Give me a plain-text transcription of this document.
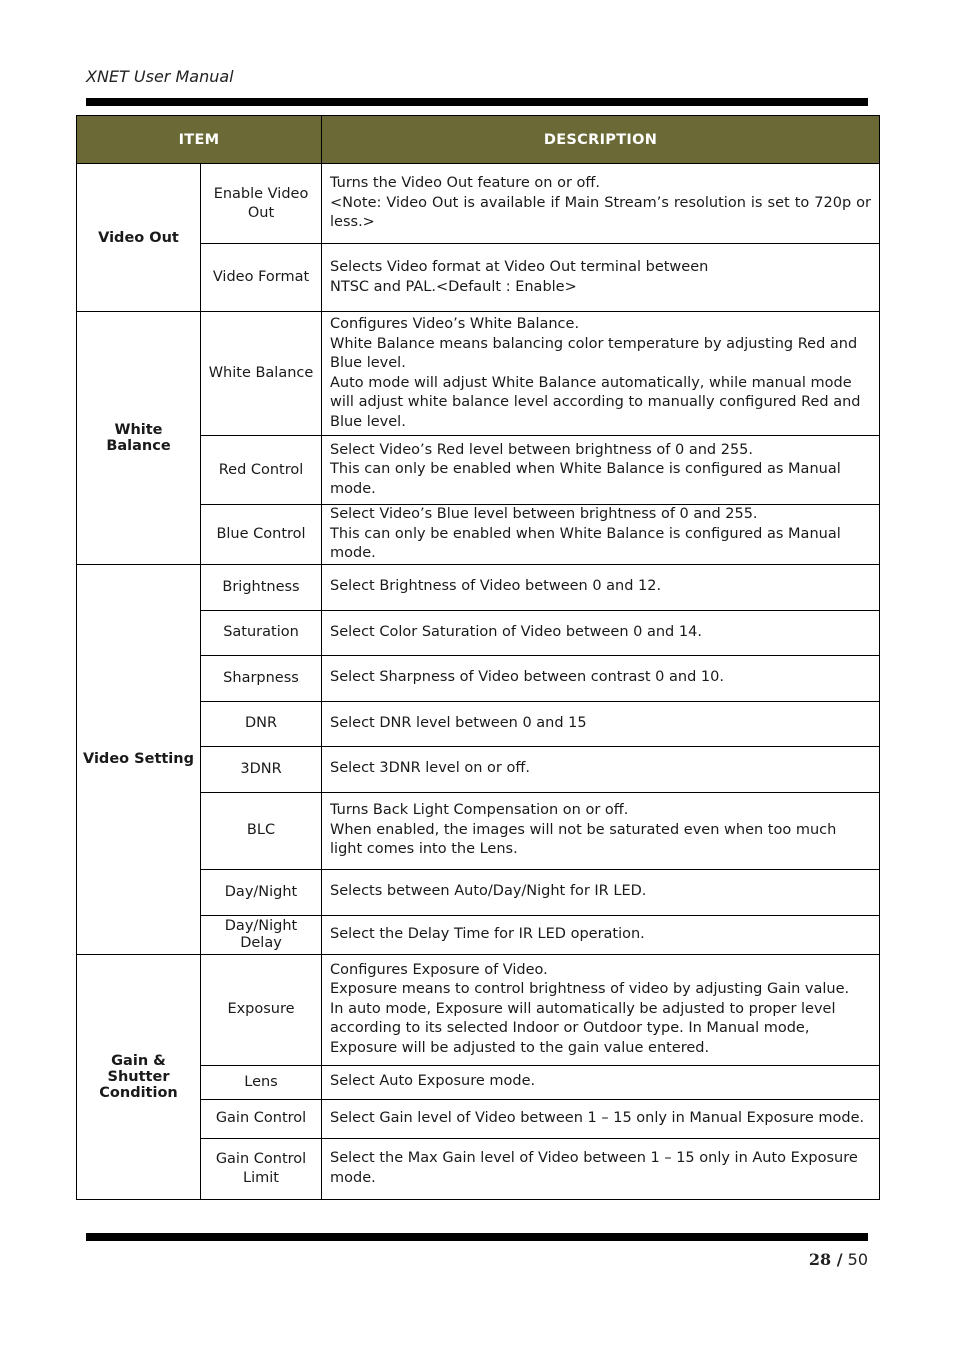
XNET User Manual
ITEM		DESCRIPTION
Video Out	Enable Video Out	Turns the Video Out feature on or off.
<Note: Video Out is available if Main Stream’s resolution is set to 720p or less.>

	Video Format	Selects Video format at Video Out terminal between
NTSC and PAL.<Default : Enable>

White Balance	White Balance	Configures Video’s White Balance.
White Balance means balancing color temperature by adjusting Red and Blue level.
Auto mode will adjust White Balance automatically, while manual mode will adjust white balance level according to manually configured Red and Blue level.

	Red Control	Select Video’s Red level between brightness of 0 and 255.
This can only be enabled when White Balance is configured as Manual mode.

	Blue Control	Select Video’s Blue level between brightness of 0 and 255.
This can only be enabled when White Balance is configured as Manual mode.

Video Setting	Brightness	Select Brightness of Video between 0 and 12.
	Saturation	Select Color Saturation of Video between 0 and 14.
	Sharpness	Select Sharpness of Video between contrast 0 and 10.
	DNR	Select DNR level between 0 and 15
	3DNR	Select 3DNR level on or off.
	BLC	Turns Back Light Compensation on or off.
When enabled, the images will not be saturated even when too much light comes into the Lens.

	Day/Night	Selects between Auto/Day/Night for IR LED.
	Day/Night Delay	Select the Delay Time for IR LED operation.
Gain & Shutter Condition	Exposure	Configures Exposure of Video.
Exposure means to control brightness of video by adjusting Gain value.
In auto mode, Exposure will automatically be adjusted to proper level according to its selected Indoor or Outdoor type. In Manual mode, Exposure will be adjusted to the gain value entered.

	Lens	Select Auto Exposure mode.
	Gain Control	Select Gain level of Video between 1 – 15 only in Manual Exposure mode.
	Gain Control Limit	Select the Max Gain level of Video between 1 – 15 only in Auto Exposure mode.
28 / 50
